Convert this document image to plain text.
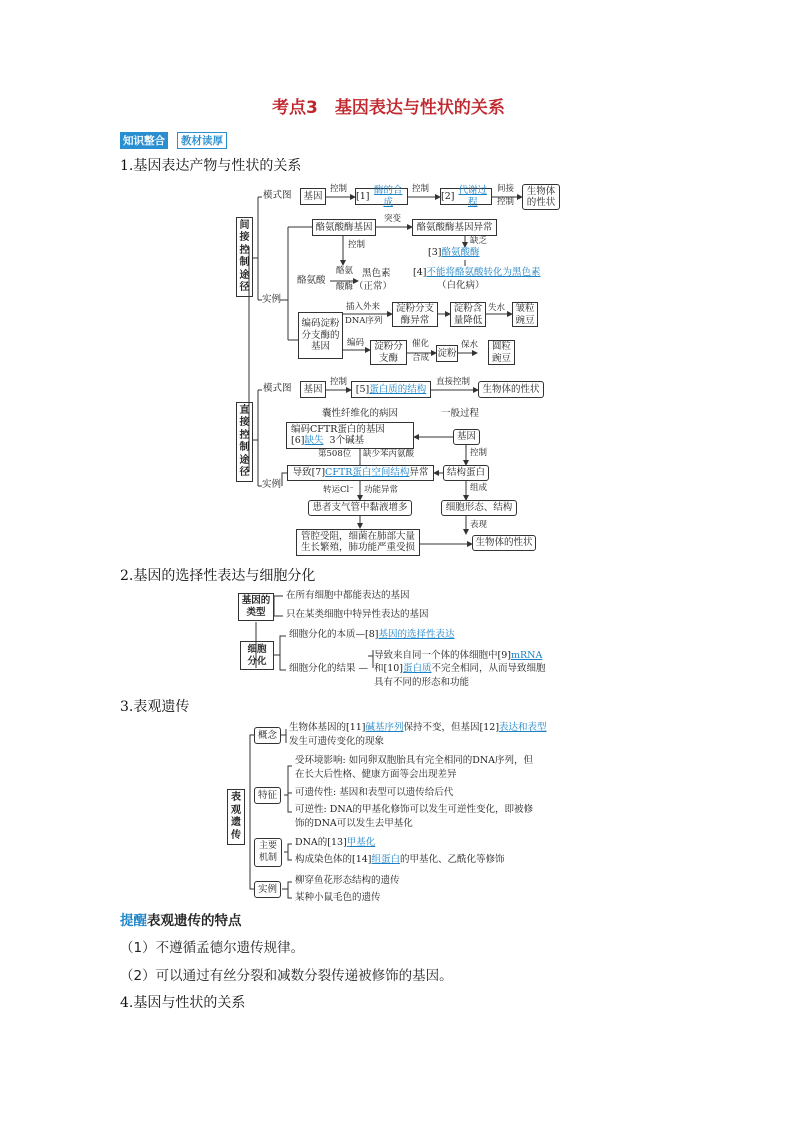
考点3　基因表达与性状的关系
知识整合	教材读厚
1.基因表达产物与性状的关系
间接控制途径
直接控制途径
模式图	基因
控制
[1]
酶的合成
控制
[2]
代谢过程
间接
控制
生物体的性状
酪氨酸酶基因
突变
酪氨酸酶基因异常
缺乏
[3]酪氨酸酶
[4]不能将酪氨酸转化为黑色素
（白化病）
控制
酪氨酸
酪氨
酸酶
黑色素
（正常）
实例
编码淀粉分支酶的基因
插入外来
DNA序列
淀粉分支酶异常
淀粉含量降低
失水	皱粒豌豆
编码	淀粉分支酶
催化
合成 淀粉
保水	圆粒豌豆
模式图	基因
控制
[5] 蛋白质的结构
直接控制
生物体的性状
囊性纤维化的病因	一般过程
编码CFTR蛋白的基因
[6]缺失 3个碱基	基因
第508位 缺少苯丙氨酸	控制
导致[7] CFTR蛋白空间结构 异常	结构蛋白
实例	转运Cl⁻ 功能异常	组成
患者支气管中黏液增多	细胞形态、结构
表现
管腔受阻，细菌在肺部大量
生长繁殖，肺功能严重受损	生物体的性状
2.基因的选择性表达与细胞分化
基因的类型
在所有细胞中都能表达的基因
只在某类细胞中特异性表达的基因
细胞分化
细胞分化的本质—[8]基因的选择性表达
细胞分化的结果 —
导致来自同一个体的体细胞中[9]mRNA
和[10]蛋白质不完全相同，从而导致细胞
具有不同的形态和功能
3.表观遗传
表观遗传
概念
生物体基因的[11]碱基序列保持不变，但基因[12]表达和表型
发生可遗传变化的现象
特征
受环境影响: 如同卵双胞胎具有完全相同的DNA序列，但
在长大后性格、健康方面等会出现差异
可遗传性: 基因和表型可以遗传给后代
可逆性: DNA的甲基化修饰可以发生可逆性变化，即被修
饰的DNA可以发生去甲基化
主要机制
DNA的[13]甲基化
构成染色体的[14]组蛋白的甲基化、乙酰化等修饰
实例
柳穿鱼花形态结构的遗传
某种小鼠毛色的遗传
提醒表观遗传的特点
（1）不遵循孟德尔遗传规律。
（2）可以通过有丝分裂和减数分裂传递被修饰的基因。
4.基因与性状的关系
